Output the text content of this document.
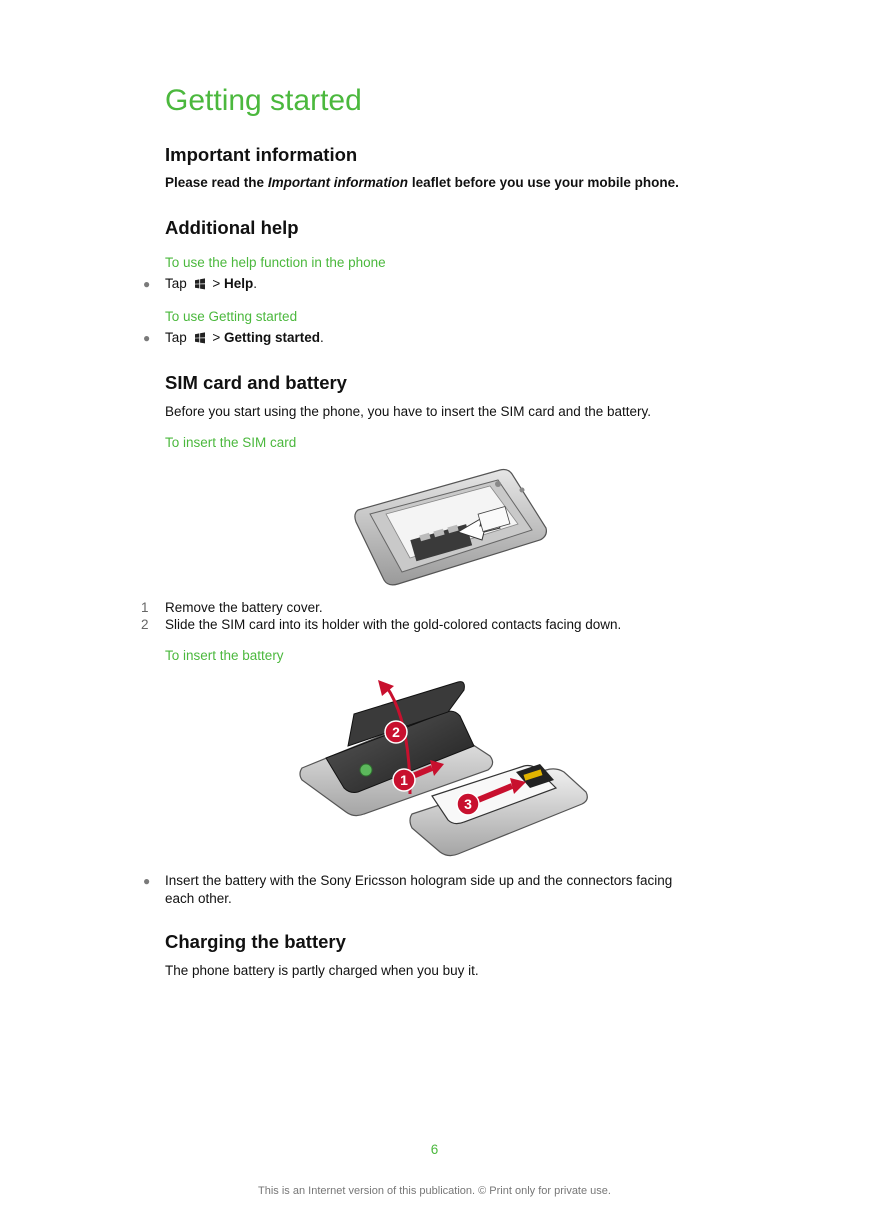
Getting started
Important information
Please read the Important information leaflet before you use your mobile phone.
Additional help
To use the help function in the phone
●	Tap > Help.
To use Getting started
●	Tap > Getting started.
SIM card and battery
Before you start using the phone, you have to insert the SIM card and the battery.
To insert the SIM card
1	Remove the battery cover.
2	Slide the SIM card into its holder with the gold-colored contacts facing down.
To insert the battery
1
2
3
●	Insert the battery with the Sony Ericsson hologram side up and the connectors facing
each other.
Charging the battery
The phone battery is partly charged when you buy it.
6
This is an Internet version of this publication. © Print only for private use.
